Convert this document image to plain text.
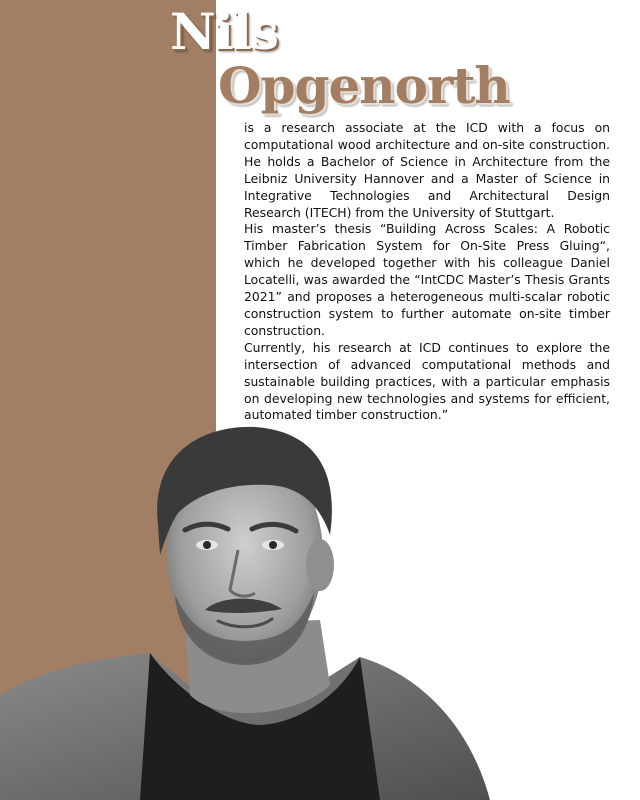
Nils
Opgenorth

is a research associate at the ICD with a focus on computational wood architecture and on-site construction. He holds a Bachelor of Science in Architecture from the Leibniz University Hannover and a Master of Science in Integrative Technologies and Architectural Design Research (ITECH) from the University of Stuttgart.

His master’s thesis “Building Across Scales: A Robotic Timber Fabrication System for On-Site Press Gluing“, which he developed together with his colleague Daniel Locatelli, was awarded the “IntCDC Master’s Thesis Grants 2021” and proposes a heterogeneous multi-scalar robotic construction system to further automate on-site timber construction.

Currently, his research at ICD continues to explore the intersection of advanced computational methods and sustainable building practices, with a particular emphasis on developing new technologies and systems for efficient, automated timber construction.”
